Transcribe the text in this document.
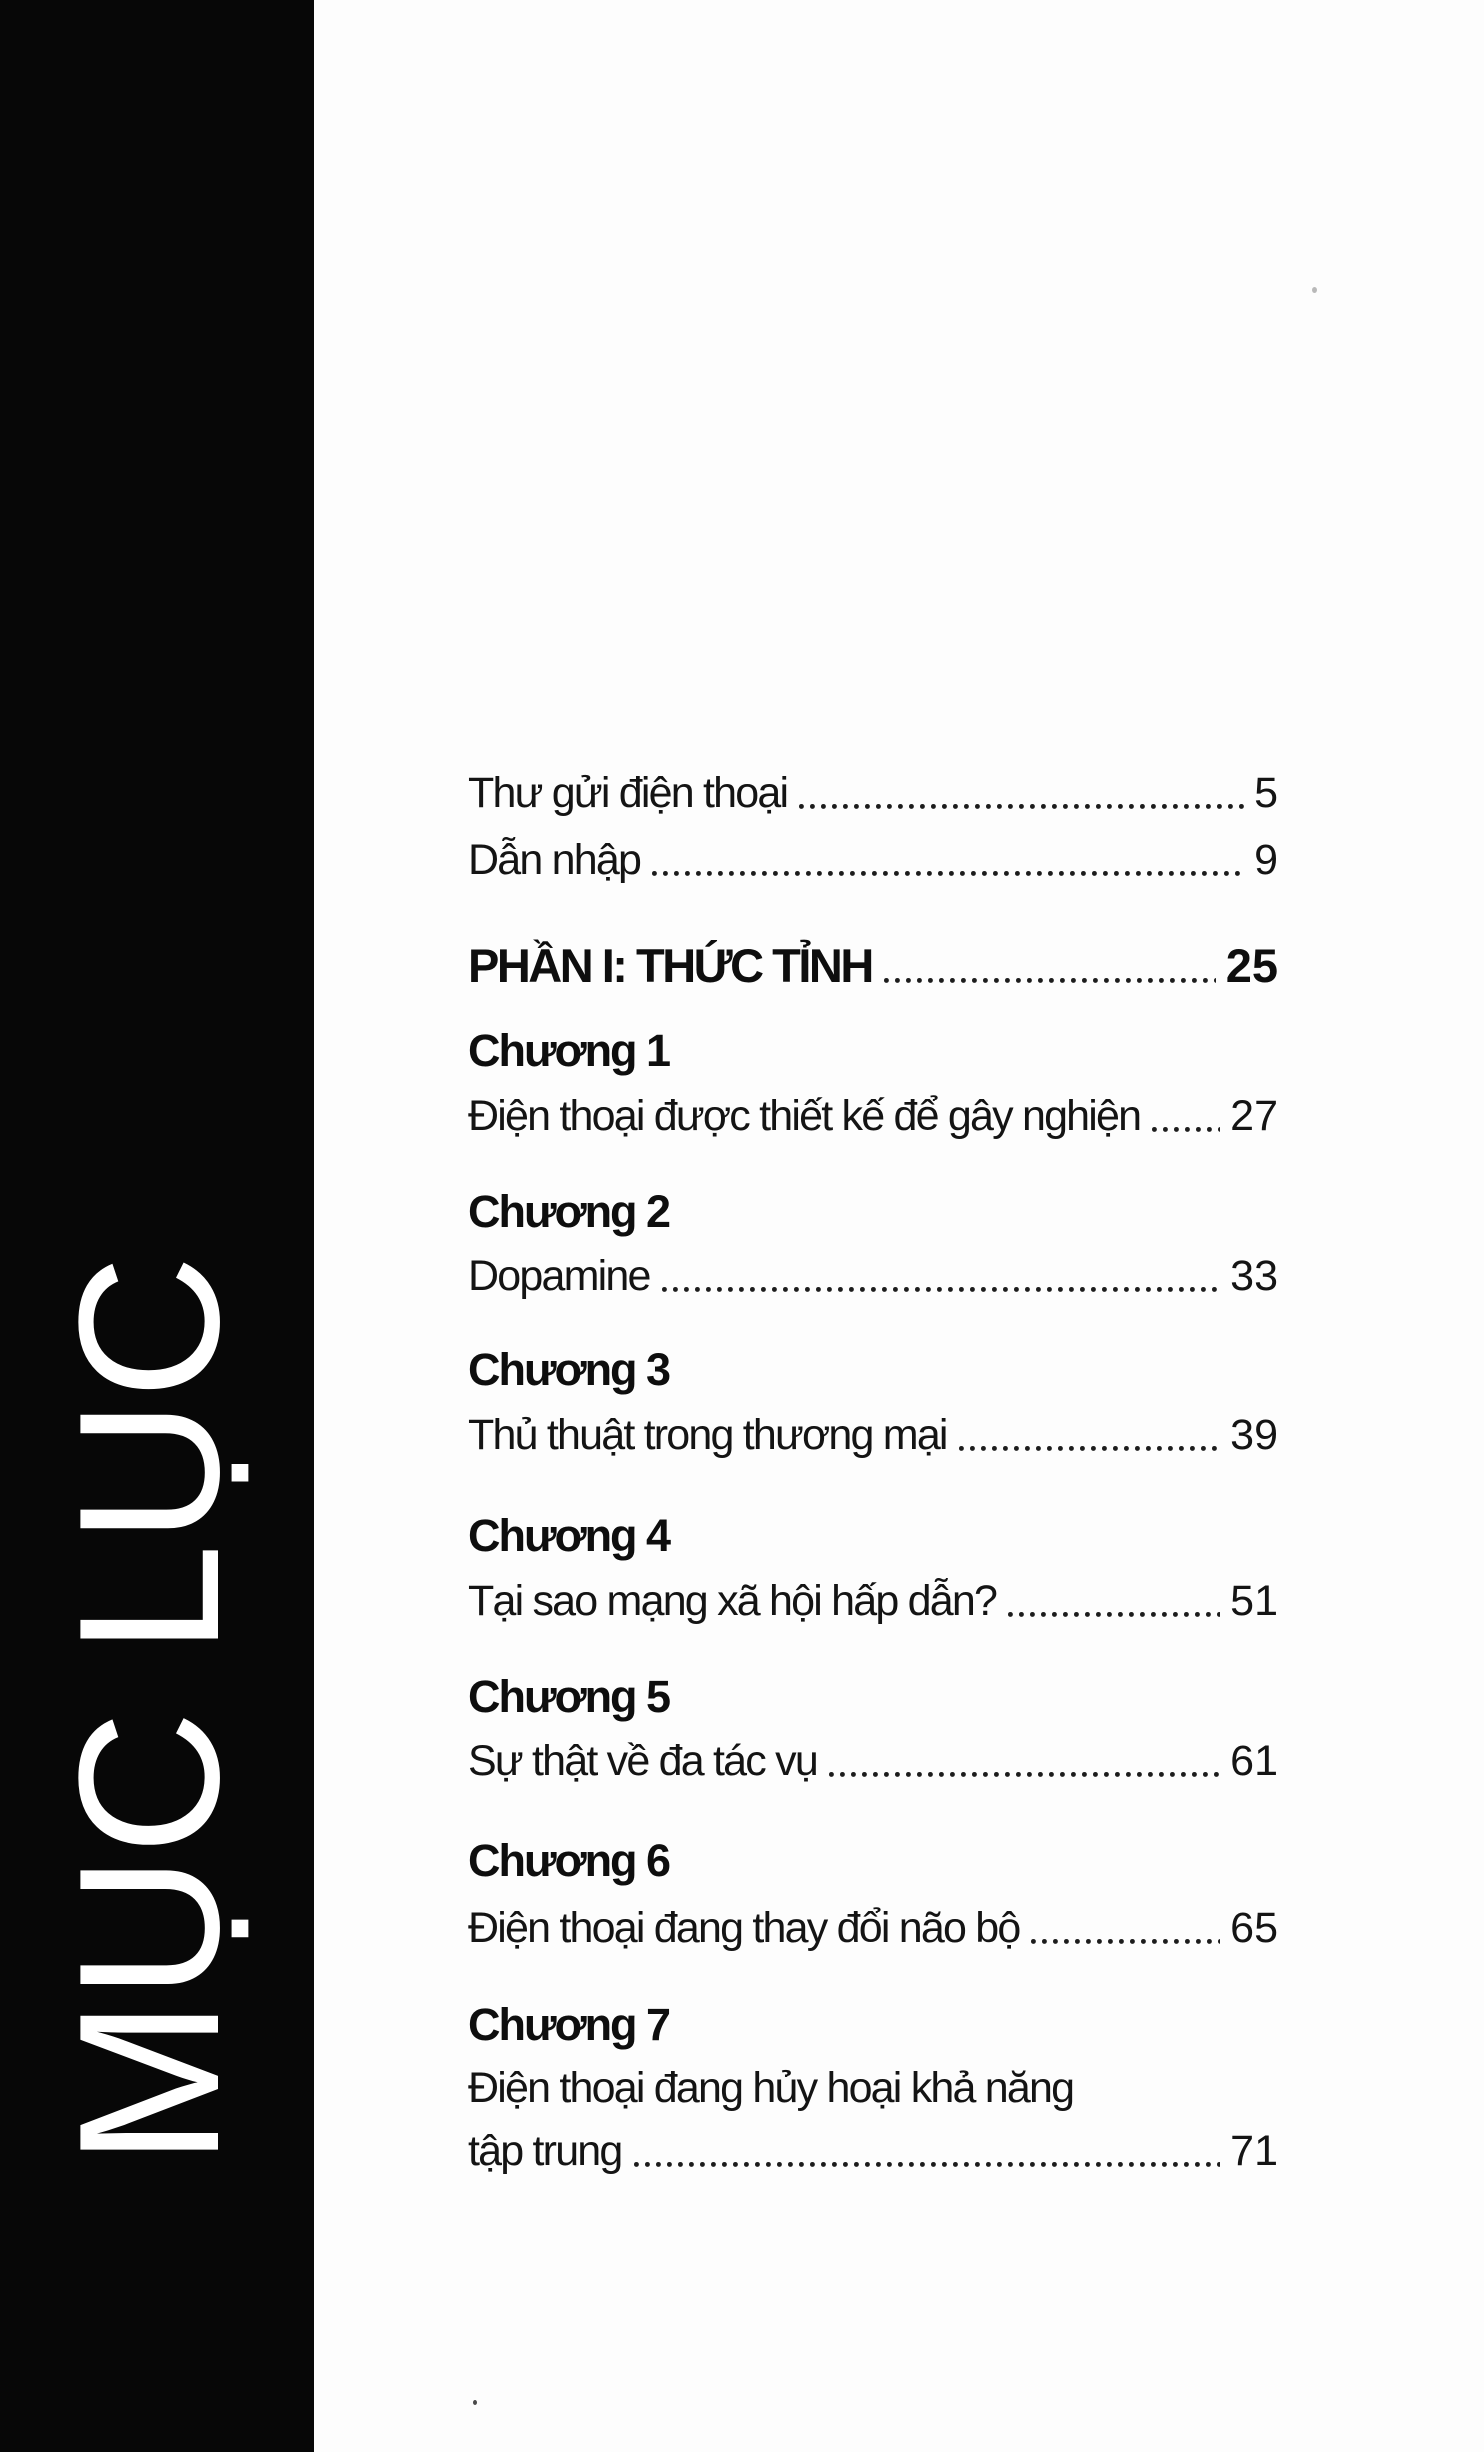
MỤC LỤC
Thư gửi điện thoại	5
Dẫn nhập	9
PHẦN I: THỨC TỈNH	25
Chương 1
Điện thoại được thiết kế để gây nghiện 27
Chương 2
Dopamine	33
Chương 3
Thủ thuật trong thương mại	39
Chương 4
Tại sao mạng xã hội hấp dẫn?	51
Chương 5
Sự thật về đa tác vụ	61
Chương 6
Điện thoại đang thay đổi não bộ	65
Chương 7
Điện thoại đang hủy hoại khả năng
tập trung	71
